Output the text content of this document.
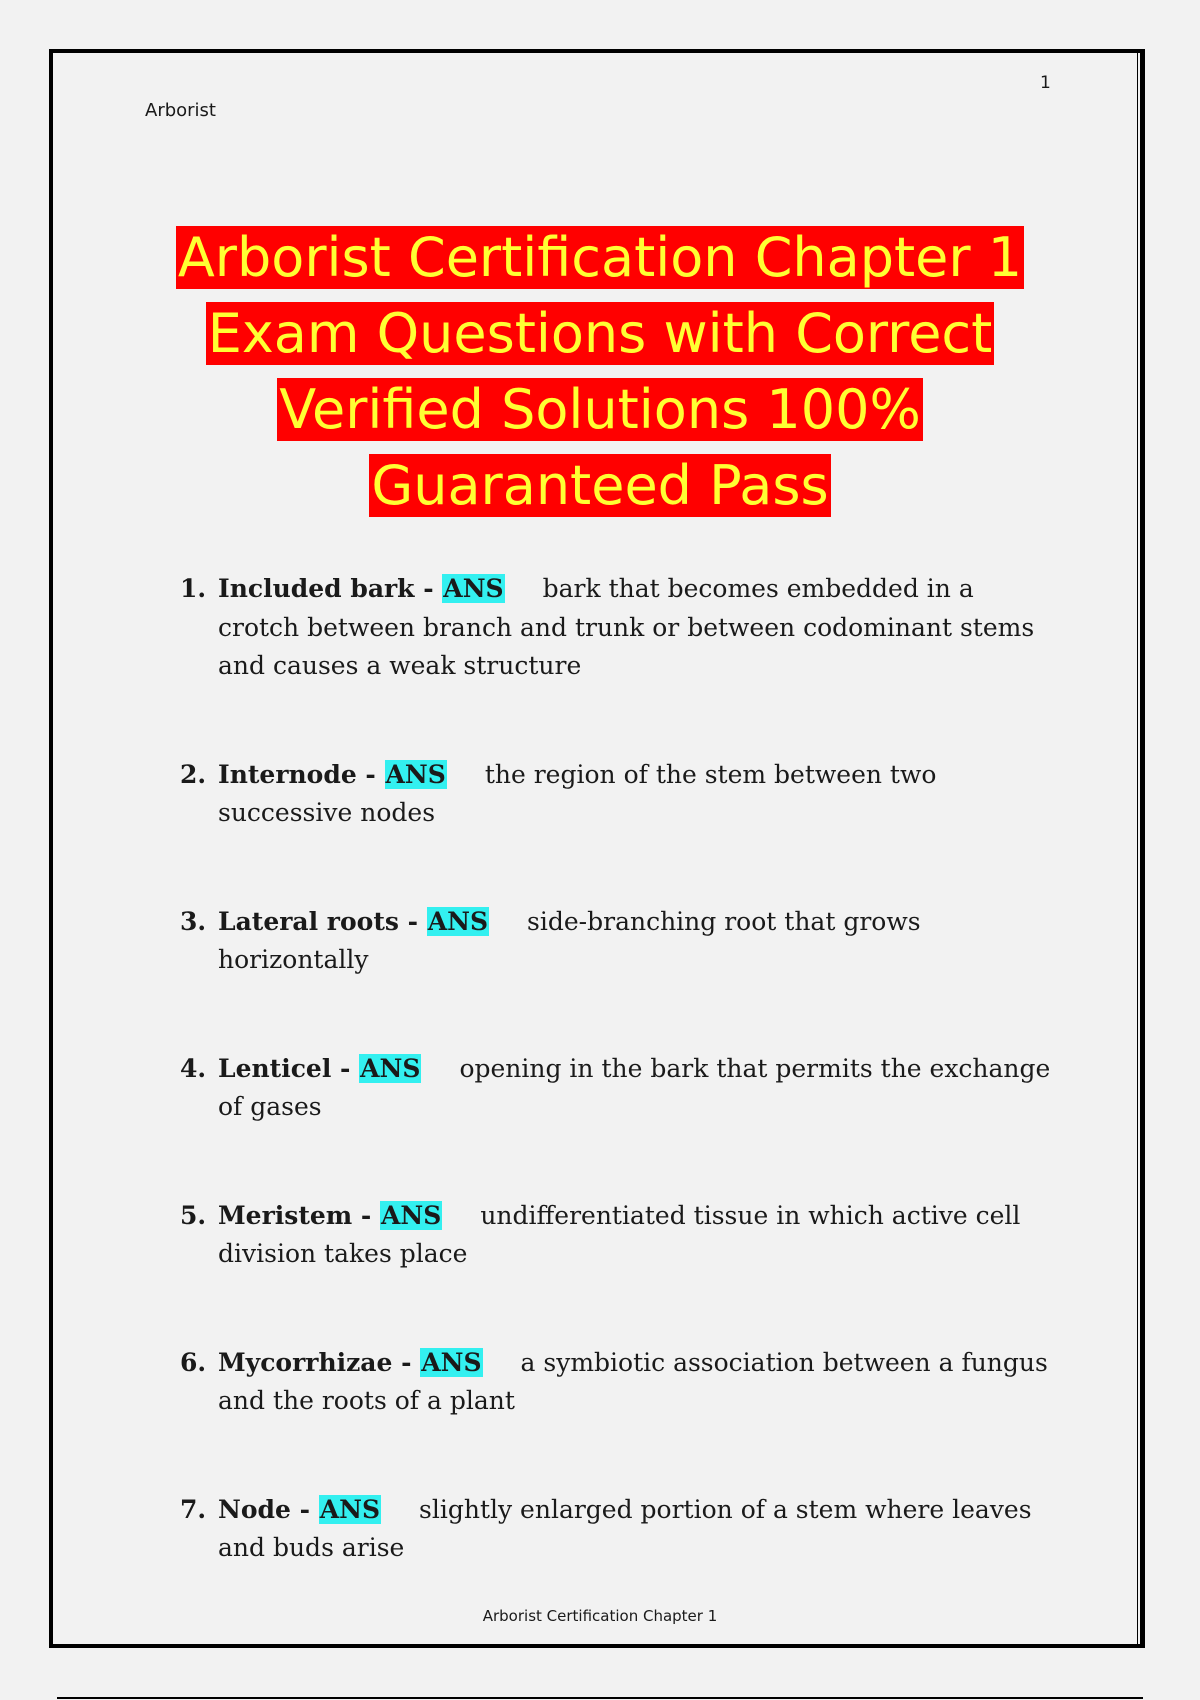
Arborist
1
Arborist Certification Chapter 1
Exam Questions with Correct
Verified Solutions 100%
Guaranteed Pass
1. Included bark - ANS bark that becomes embedded in a crotch between branch and trunk or between codominant stems and causes a weak structure
2. Internode - ANS the region of the stem between two successive nodes
3. Lateral roots - ANS side-branching root that grows horizontally
4. Lenticel - ANS opening in the bark that permits the exchange of gases
5. Meristem - ANS undifferentiated tissue in which active cell division takes place
6. Mycorrhizae - ANS a symbiotic association between a fungus and the roots of a plant
7. Node - ANS slightly enlarged portion of a stem where leaves and buds arise
Arborist Certification Chapter 1
